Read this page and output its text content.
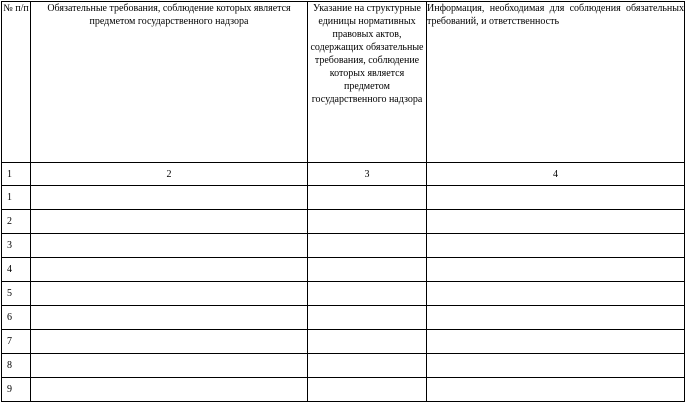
№ п/п	Обязательные требования, соблюдение которых является предметом государственного надзора	Указание на структурные единицы нормативных правовых актов, содержащих обязательные требования, соблюдение которых является предметом государственного надзора	Информация, необходимая для соблюдения обязательных требований, и ответственность
1	2	3	4
1			
2			
3			
4			
5			
6			
7			
8			
9			
